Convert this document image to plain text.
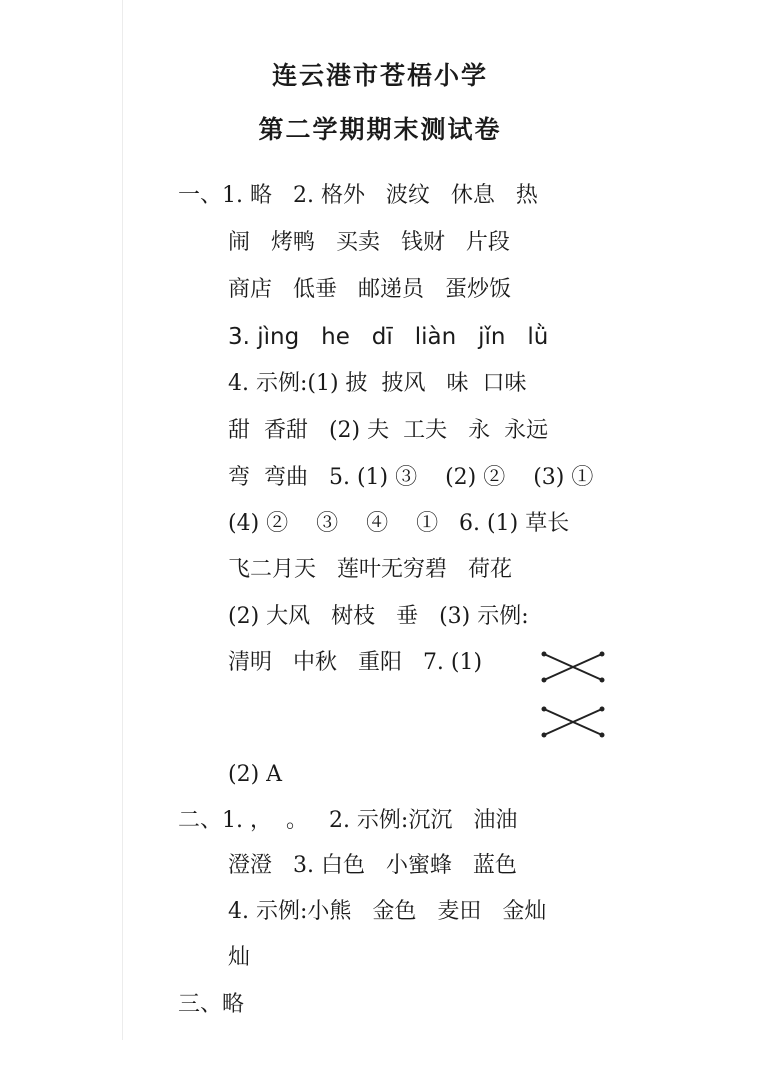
连云港市苍梧小学
第二学期期末测试卷
一、1. 略   2. 格外   波纹   休息   热
闹   烤鸭   买卖   钱财   片段
商店   低垂   邮递员   蛋炒饭
3. jìng   he   dī   liàn   jǐn   lǜ
4. 示例:(1) 披  披风   味  口味
甜  香甜   (2) 夫  工夫   永  永远
弯  弯曲   5. (1) ③    (2) ②    (3) ①
(4) ②    ③    ④    ①   6. (1) 草长
飞二月天   莲叶无穷碧   荷花
(2) 大风   树枝   垂   (3) 示例:
清明   中秋   重阳   7. (1)
(2) A
二、1. ，  。   2. 示例:沉沉   油油
澄澄   3. 白色   小蜜蜂   蓝色
4. 示例:小熊   金色   麦田   金灿
灿
三、略
